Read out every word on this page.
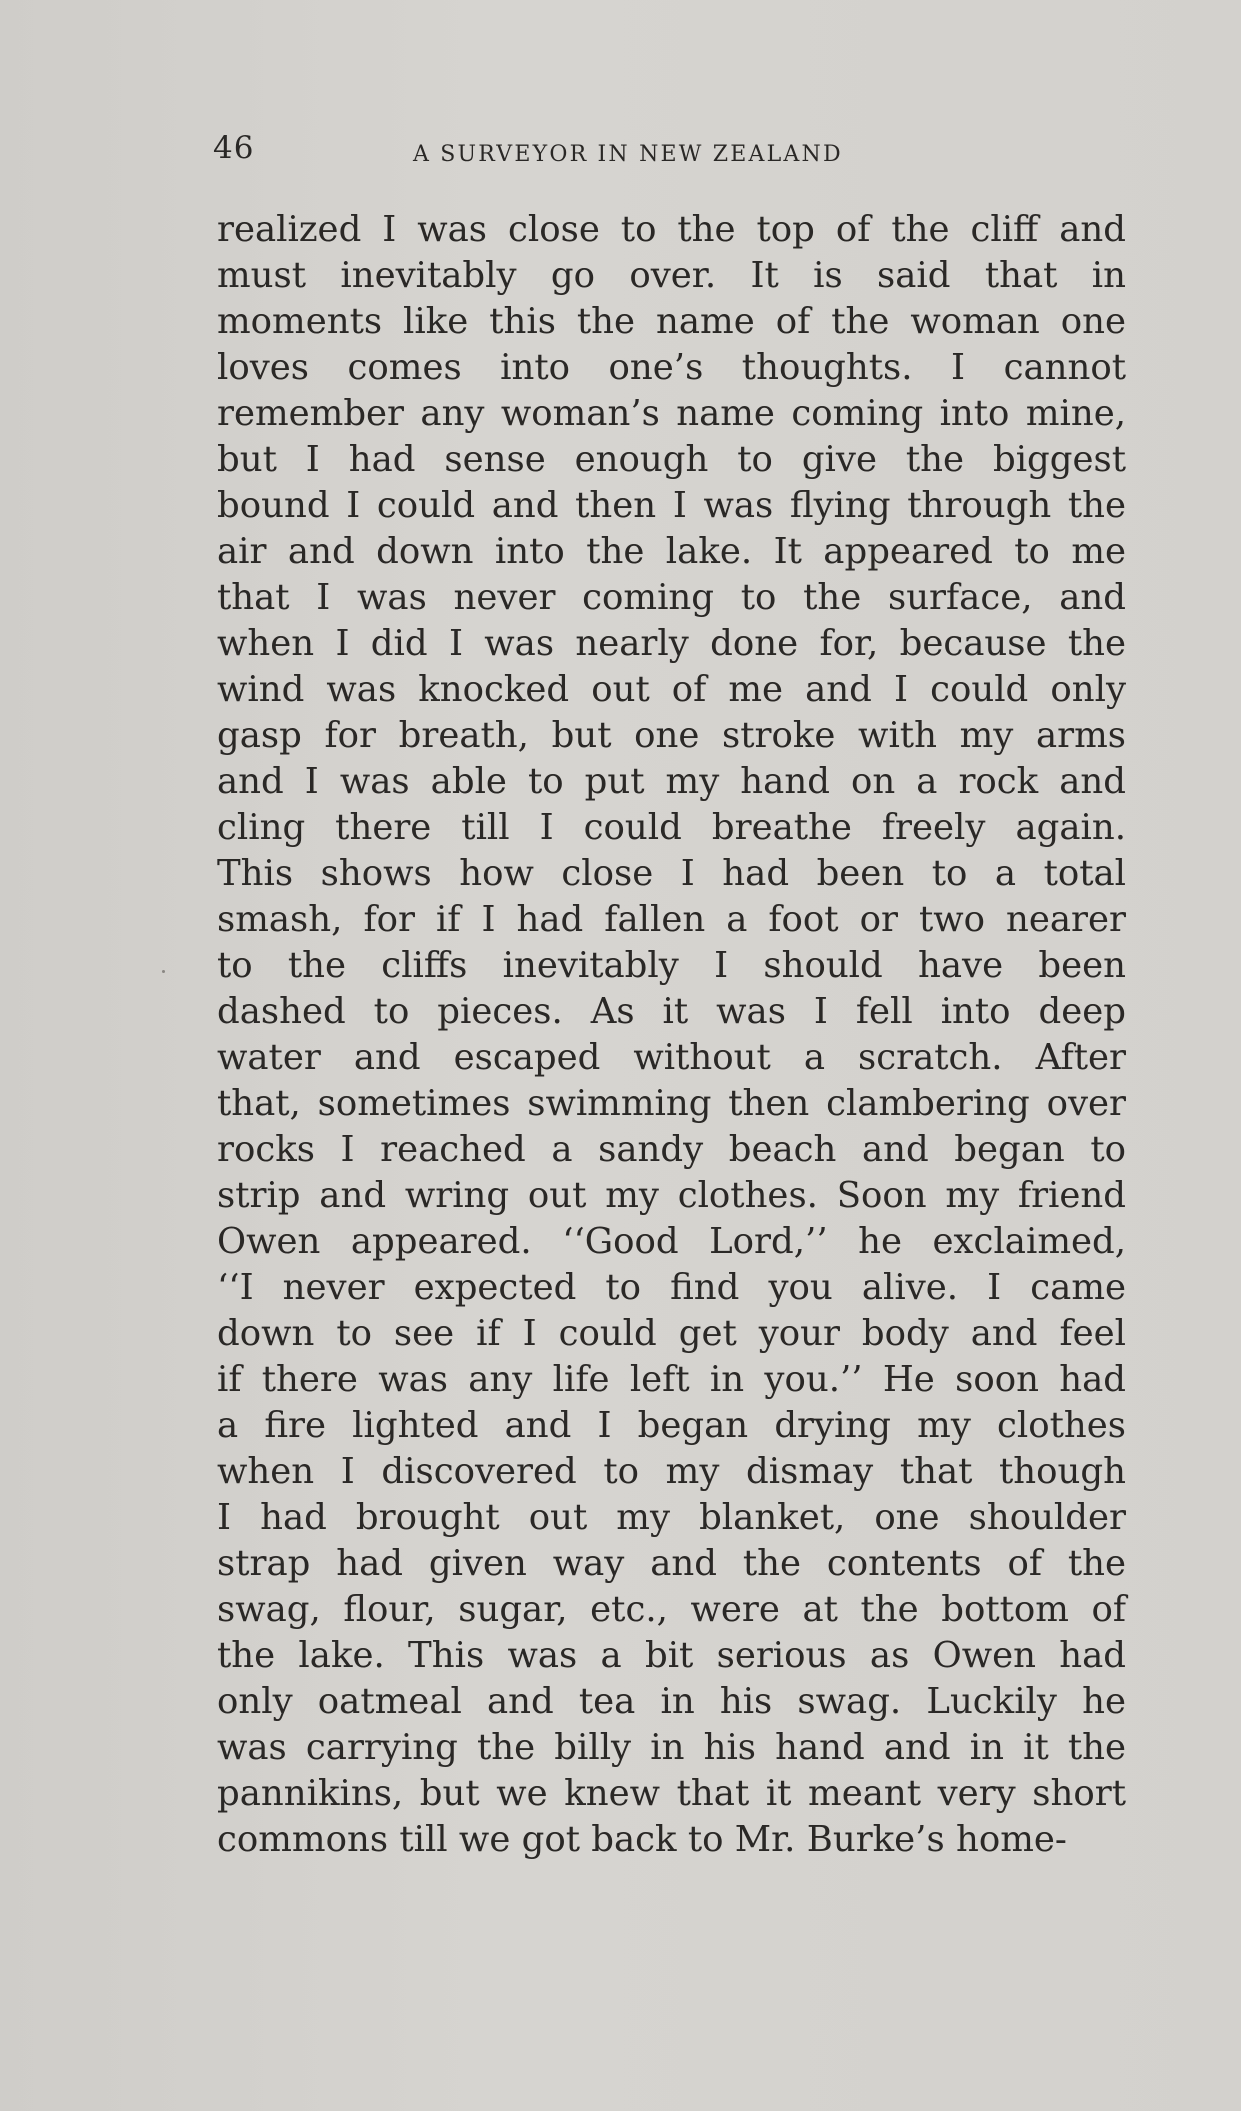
46	A SURVEYOR IN NEW ZEALAND
realized I was close to the top of the cliff and
must inevitably go over. It is said that in
moments like this the name of the woman one
loves comes into one’s thoughts. I cannot
remember any woman’s name coming into mine,
but I had sense enough to give the biggest
bound I could and then I was flying through the
air and down into the lake. It appeared to me
that I was never coming to the surface, and
when I did I was nearly done for, because the
wind was knocked out of me and I could only
gasp for breath, but one stroke with my arms
and I was able to put my hand on a rock and
cling there till I could breathe freely again.
This shows how close I had been to a total
smash, for if I had fallen a foot or two nearer
to the cliffs inevitably I should have been
dashed to pieces. As it was I fell into deep
water and escaped without a scratch. After
that, sometimes swimming then clambering over
rocks I reached a sandy beach and began to
strip and wring out my clothes. Soon my friend
Owen appeared. ‘‘Good Lord,’’ he exclaimed,
‘‘I never expected to find you alive. I came
down to see if I could get your body and feel
if there was any life left in you.’’ He soon had
a fire lighted and I began drying my clothes
when I discovered to my dismay that though
I had brought out my blanket, one shoulder
strap had given way and the contents of the
swag, flour, sugar, etc., were at the bottom of
the lake. This was a bit serious as Owen had
only oatmeal and tea in his swag. Luckily he
was carrying the billy in his hand and in it the
pannikins, but we knew that it meant very short
commons till we got back to Mr. Burke’s home-
